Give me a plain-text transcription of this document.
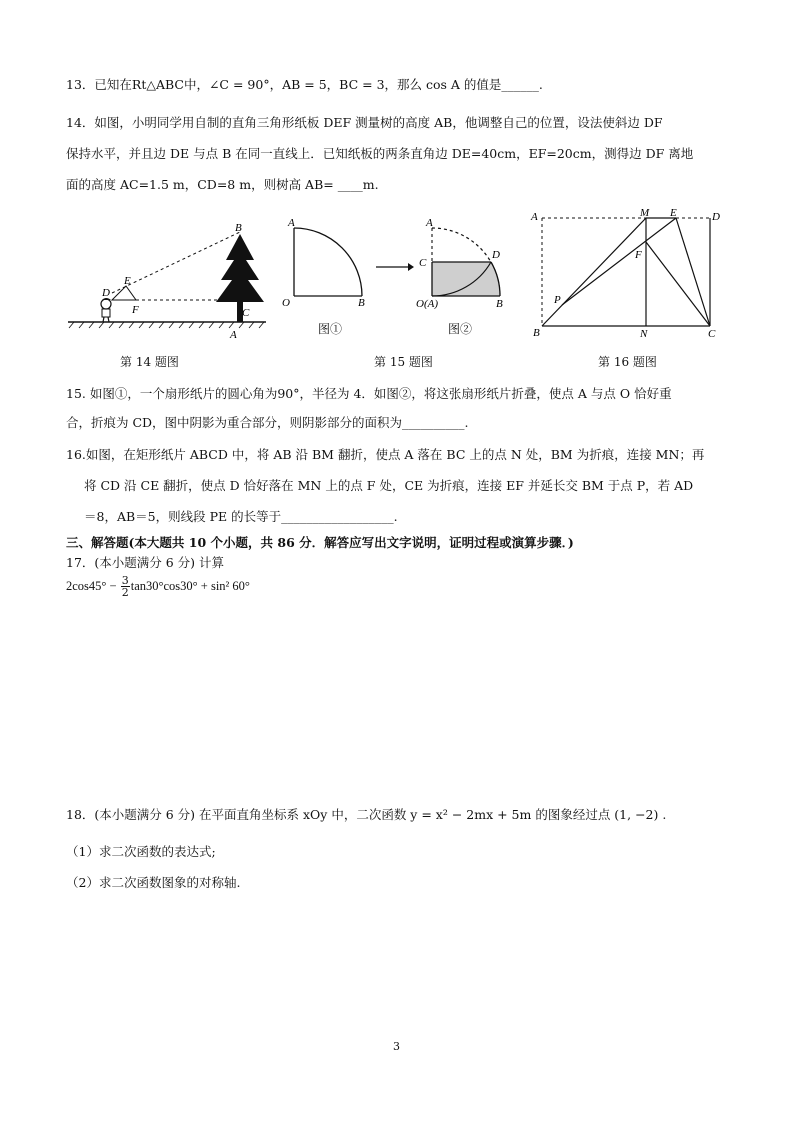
13．已知在Rt△ABC中，∠C = 90°，AB = 5，BC = 3，那么 cos A 的值是______.
14．如图，小明同学用自制的直角三角形纸板 DEF 测量树的高度 AB，他调整自己的位置，设法使斜边 DF
保持水平，并且边 DE 与点 B 在同一直线上．已知纸板的两条直角边 DE=40cm，EF=20cm，测得边 DF 离地
面的高度 AC=1.5 m，CD=8 m，则树高 AB= ____m.
B
E
D
F	C
A
A
O	B
A
C
D
O(A)	B
图①	图②
A	M E	D
F
P
B	N	C
第 14 题图	第 15 题图	第 16 题图
15. 如图①，一个扇形纸片的圆心角为90°，半径为 4．如图②，将这张扇形纸片折叠，使点 A 与点 O 恰好重
合，折痕为 CD，图中阴影为重合部分，则阴影部分的面积为__________.
16.如图，在矩形纸片 ABCD 中，将 AB 沿 BM 翻折，使点 A 落在 BC 上的点 N 处，BM 为折痕，连接 MN；再
将 CD 沿 CE 翻折，使点 D 恰好落在 MN 上的点 F 处，CE 为折痕，连接 EF 并延长交 BM 于点 P，若 AD
＝8，AB＝5，则线段 PE 的长等于__________________.
三、解答题(本大题共 10 个小题，共 86 分．解答应写出文字说明，证明过程或演算步骤．)
17．(本小题满分 6 分) 计算
$2\cos 45^\circ - \frac{3}{2} \tan 30^\circ\cos 30^\circ + \sin^2$ 60°
18．(本小题满分 6 分) 在平面直角坐标系 xOy 中，二次函数 y = x² − 2mx + 5m 的图象经过点 (1, −2) .
（1）求二次函数的表达式;
（2）求二次函数图象的对称轴.
3
